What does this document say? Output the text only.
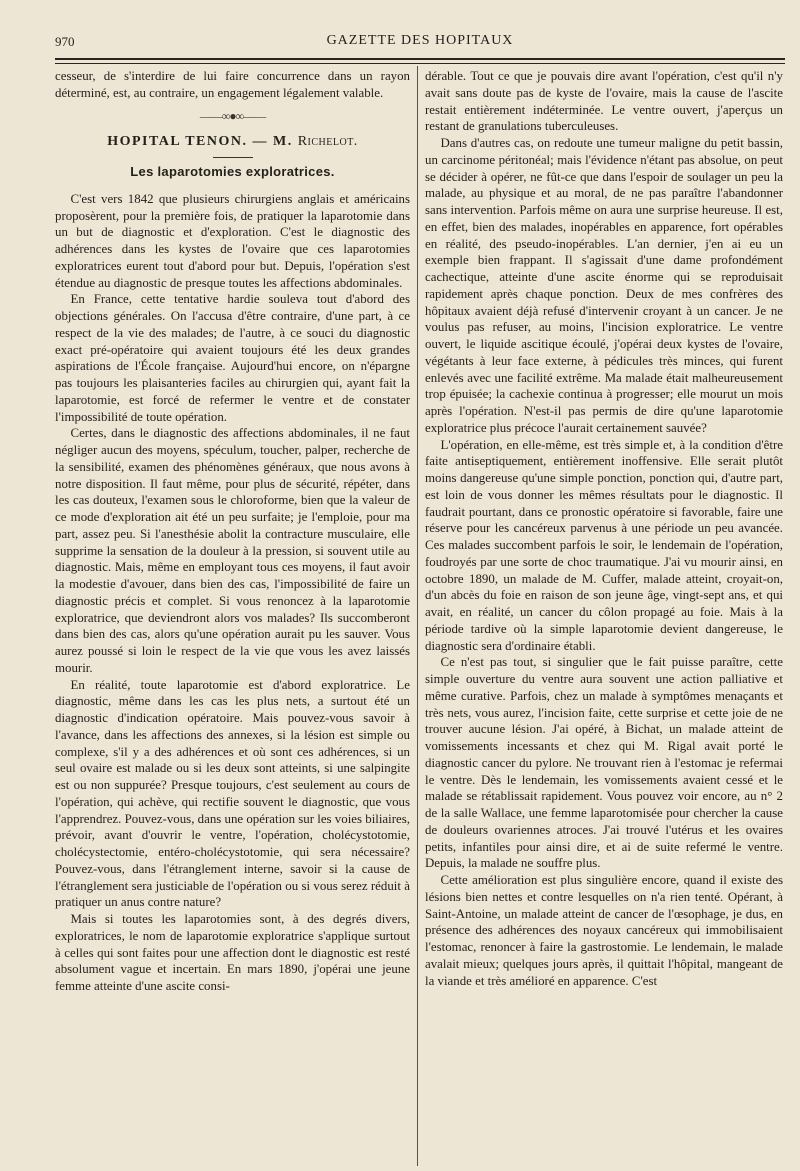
970	GAZETTE DES HOPITAUX

cesseur, de s'interdire de lui faire concurrence dans un rayon déterminé, est, au contraire, un engagement légalement valable.

——∞●∞——
HOPITAL TENON. — M. Richelot.
Les laparotomies exploratrices.

C'est vers 1842 que plusieurs chirurgiens anglais et américains proposèrent, pour la première fois, de pratiquer la laparotomie dans un but de diagnostic et d'exploration. C'est le diagnostic des adhérences dans les kystes de l'ovaire que ces laparotomies exploratrices eurent tout d'abord pour but. Depuis, l'opération s'est étendue au diagnostic de presque toutes les affections abdominales.

En France, cette tentative hardie souleva tout d'abord des objections générales. On l'accusa d'être contraire, d'une part, à ce respect de la vie des malades; de l'autre, à ce souci du diagnostic exact pré-opératoire qui avaient toujours été les deux grandes aspirations de l'École française. Aujourd'hui encore, on n'épargne pas toujours les plaisanteries faciles au chirurgien qui, ayant fait la laparotomie, est forcé de refermer le ventre et de constater l'impossibilité de toute opération.

Certes, dans le diagnostic des affections abdominales, il ne faut négliger aucun des moyens, spéculum, toucher, palper, recherche de la sensibilité, examen des phénomènes généraux, que nous avons à notre disposition. Il faut même, pour plus de sécurité, répéter, dans les cas douteux, l'examen sous le chloroforme, bien que la valeur de ce mode d'exploration ait été un peu surfaite; je l'emploie, pour ma part, assez peu. Si l'anesthésie abolit la contracture musculaire, elle supprime la sensation de la douleur à la pression, si souvent utile au diagnostic. Mais, même en employant tous ces moyens, il faut avoir la modestie d'avouer, dans bien des cas, l'impossibilité de faire un diagnostic précis et complet. Si vous renoncez à la laparotomie exploratrice, que deviendront alors vos malades? Ils succomberont dans bien des cas, alors qu'une opération aurait pu les sauver. Vous aurez poussé si loin le respect de la vie que vous les avez laissés mourir.

En réalité, toute laparotomie est d'abord exploratrice. Le diagnostic, même dans les cas les plus nets, a surtout été un diagnostic d'indication opératoire. Mais pouvez-vous savoir à l'avance, dans les affections des annexes, si la lésion est simple ou complexe, s'il y a des adhérences et où sont ces adhérences, si un seul ovaire est malade ou si les deux sont atteints, si une salpingite est ou non suppurée? Presque toujours, c'est seulement au cours de l'opération, qui achève, qui rectifie souvent le diagnostic, que vous l'apprendrez. Pouvez-vous, dans une opération sur les voies biliaires, prévoir, avant d'ouvrir le ventre, l'opération, cholécystotomie, cholécystectomie, entéro-cholécystotomie, qui sera nécessaire? Pouvez-vous, dans l'étranglement interne, savoir si la cause de l'étranglement sera justiciable de l'opération ou si vous serez réduit à pratiquer un anus contre nature?

Mais si toutes les laparotomies sont, à des degrés divers, exploratrices, le nom de laparotomie exploratrice s'applique surtout à celles qui sont faites pour une affection dont le diagnostic est resté absolument vague et incertain. En mars 1890, j'opérai une jeune femme atteinte d'une ascite consi-

dérable. Tout ce que je pouvais dire avant l'opération, c'est qu'il n'y avait sans doute pas de kyste de l'ovaire, mais la cause de l'ascite restait entièrement indéterminée. Le ventre ouvert, j'aperçus un restant de granulations tuberculeuses.

Dans d'autres cas, on redoute une tumeur maligne du petit bassin, un carcinome péritonéal; mais l'évidence n'étant pas absolue, on peut se décider à opérer, ne fût-ce que dans l'espoir de soulager un peu la malade, au physique et au moral, de ne pas paraître l'abandonner sans intervention. Parfois même on aura une surprise heureuse. Il est, en effet, bien des malades, inopérables en apparence, fort opérables en réalité, des pseudo-inopérables. L'an dernier, j'en ai eu un exemple bien frappant. Il s'agissait d'une dame profondément cachectique, atteinte d'une ascite énorme qui se reproduisait rapidement après chaque ponction. Deux de mes confrères des hôpitaux avaient déjà refusé d'intervenir croyant à un cancer. Je ne voulus pas refuser, au moins, l'incision exploratrice. Le ventre ouvert, le liquide ascitique écoulé, j'opérai deux kystes de l'ovaire, végétants à leur face externe, à pédicules très minces, qui furent enlevés avec une facilité extrême. Ma malade était malheureusement trop épuisée; la cachexie continua à progresser; elle mourut un mois après l'opération. N'est-il pas permis de dire qu'une laparotomie exploratrice plus précoce l'aurait certainement sauvée?

L'opération, en elle-même, est très simple et, à la condition d'être faite antiseptiquement, entièrement inoffensive. Elle serait plutôt moins dangereuse qu'une simple ponction, ponction qui, d'autre part, est loin de vous donner les mêmes résultats pour le diagnostic. Il faudrait pourtant, dans ce pronostic opératoire si favorable, faire une réserve pour les cancéreux parvenus à une période un peu avancée. Ces malades succombent parfois le soir, le lendemain de l'opération, foudroyés par une sorte de choc traumatique. J'ai vu mourir ainsi, en octobre 1890, un malade de M. Cuffer, malade atteint, croyait-on, d'un abcès du foie en raison de son jeune âge, vingt-sept ans, et qui avait, en réalité, un cancer du côlon propagé au foie. Mais à la période tardive où la simple laparotomie devient dangereuse, le diagnostic sera d'ordinaire établi.

Ce n'est pas tout, si singulier que le fait puisse paraître, cette simple ouverture du ventre aura souvent une action palliative et même curative. Parfois, chez un malade à symptômes menaçants et très nets, vous aurez, l'incision faite, cette surprise et cette joie de ne trouver aucune lésion. J'ai opéré, à Bichat, un malade atteint de vomissements incessants et chez qui M. Rigal avait porté le diagnostic cancer du pylore. Ne trouvant rien à l'estomac je refermai le ventre. Dès le lendemain, les vomissements avaient cessé et le malade se rétablissait rapidement. Vous pouvez voir encore, au n° 2 de la salle Wallace, une femme laparotomisée pour chercher la cause de douleurs ovariennes atroces. J'ai trouvé l'utérus et les ovaires petits, infantiles pour ainsi dire, et ai de suite refermé le ventre. Depuis, la malade ne souffre plus.

Cette amélioration est plus singulière encore, quand il existe des lésions bien nettes et contre lesquelles on n'a rien tenté. Opérant, à Saint-Antoine, un malade atteint de cancer de l'œsophage, je dus, en présence des adhérences des noyaux cancéreux qui immobilisaient l'estomac, renoncer à faire la gastrostomie. Le lendemain, le malade avalait mieux; quelques jours après, il quittait l'hôpital, mangeant de la viande et très amélioré en apparence. C'est
